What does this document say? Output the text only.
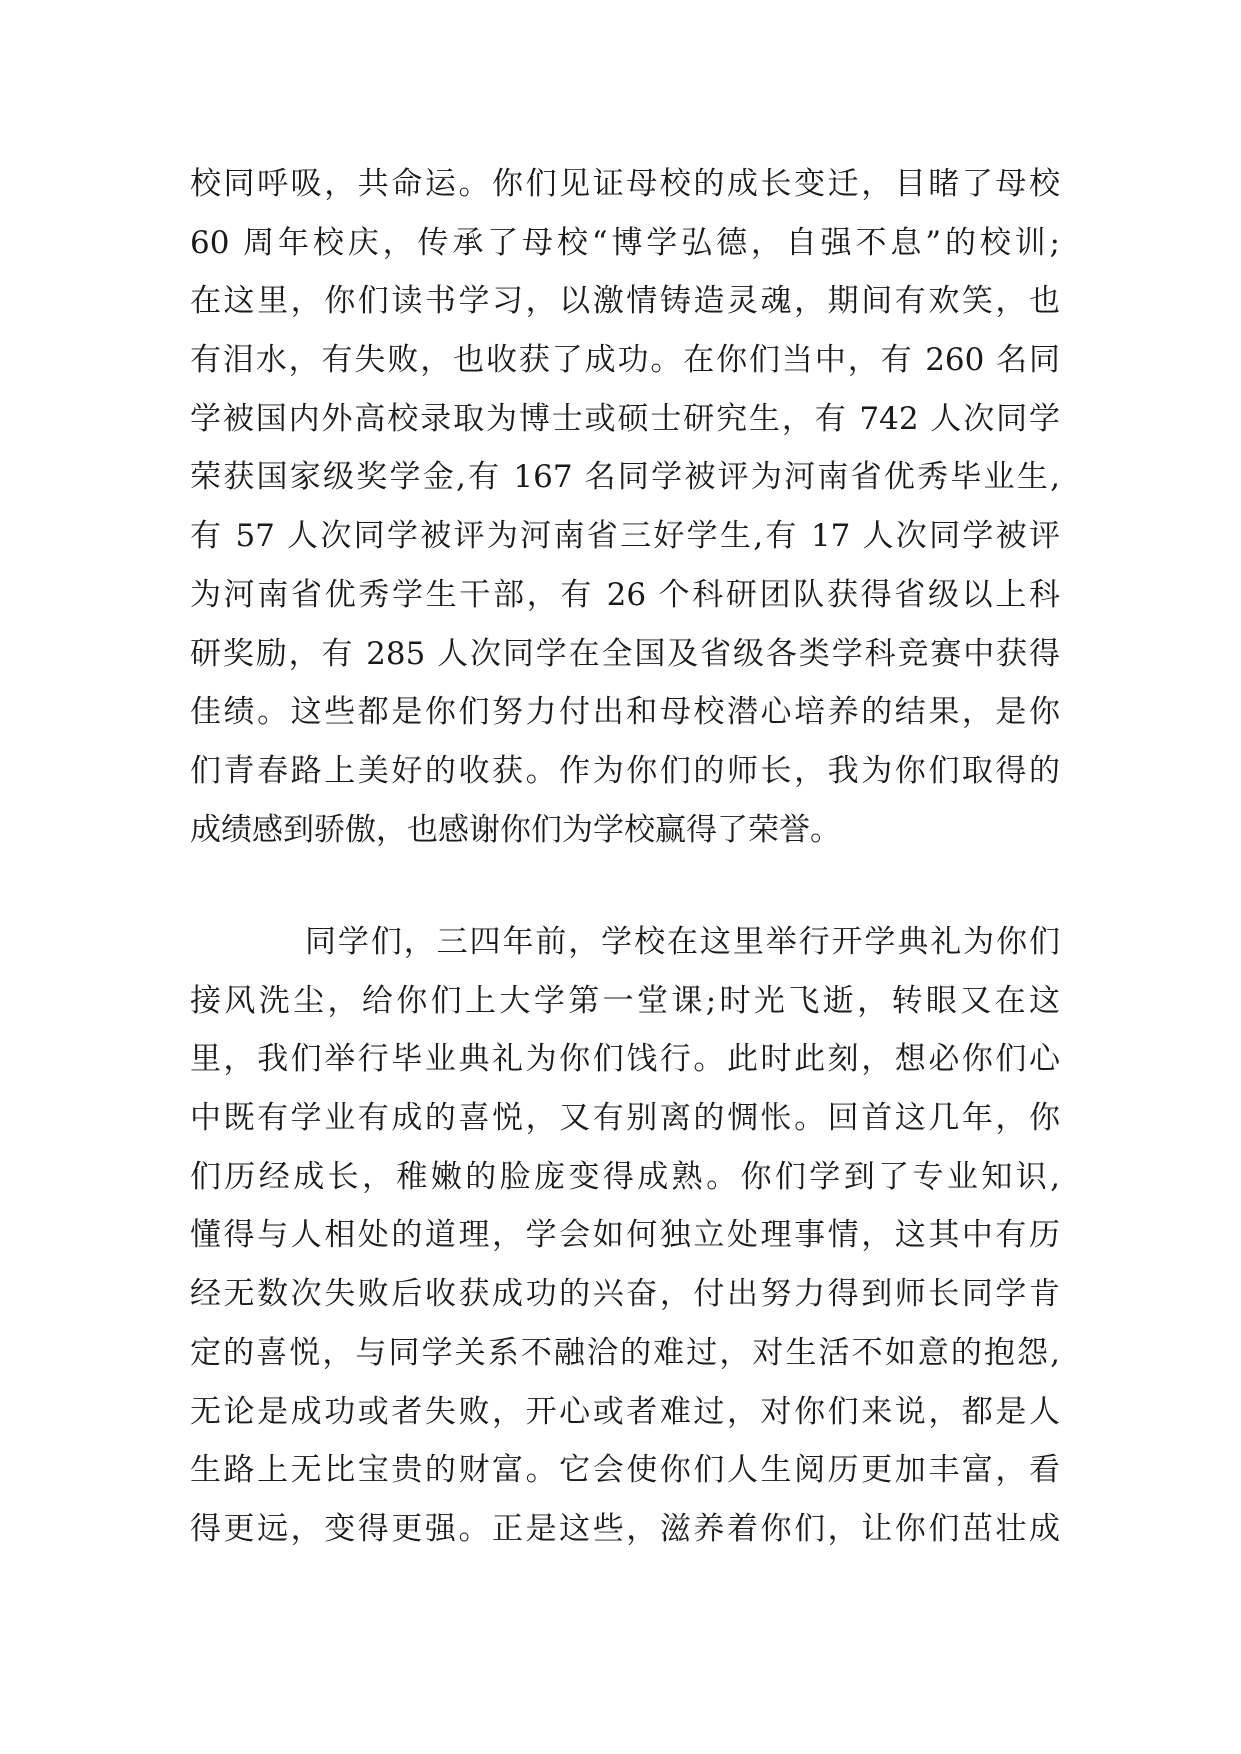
校同呼吸，共命运。你们见证母校的成长变迁，目睹了母校
60 周年校庆，传承了母校“博学弘德，自强不息”的校训;
在这里，你们读书学习，以激情铸造灵魂，期间有欢笑，也
有泪水，有失败，也收获了成功。在你们当中，有 260 名同
学被国内外高校录取为博士或硕士研究生，有 742 人次同学
荣获国家级奖学金,有 167 名同学被评为河南省优秀毕业生,
有 57 人次同学被评为河南省三好学生,有 17 人次同学被评
为河南省优秀学生干部，有 26 个科研团队获得省级以上科
研奖励，有 285 人次同学在全国及省级各类学科竞赛中获得
佳绩。这些都是你们努力付出和母校潜心培养的结果，是你
们青春路上美好的收获。作为你们的师长，我为你们取得的
成绩感到骄傲，也感谢你们为学校赢得了荣誉。
同学们，三四年前，学校在这里举行开学典礼为你们
接风洗尘，给你们上大学第一堂课;时光飞逝，转眼又在这
里，我们举行毕业典礼为你们饯行。此时此刻，想必你们心
中既有学业有成的喜悦，又有别离的惆怅。回首这几年，你
们历经成长，稚嫩的脸庞变得成熟。你们学到了专业知识,
懂得与人相处的道理，学会如何独立处理事情，这其中有历
经无数次失败后收获成功的兴奋，付出努力得到师长同学肯
定的喜悦，与同学关系不融洽的难过，对生活不如意的抱怨,
无论是成功或者失败，开心或者难过，对你们来说，都是人
生路上无比宝贵的财富。它会使你们人生阅历更加丰富，看
得更远，变得更强。正是这些，滋养着你们，让你们茁壮成
